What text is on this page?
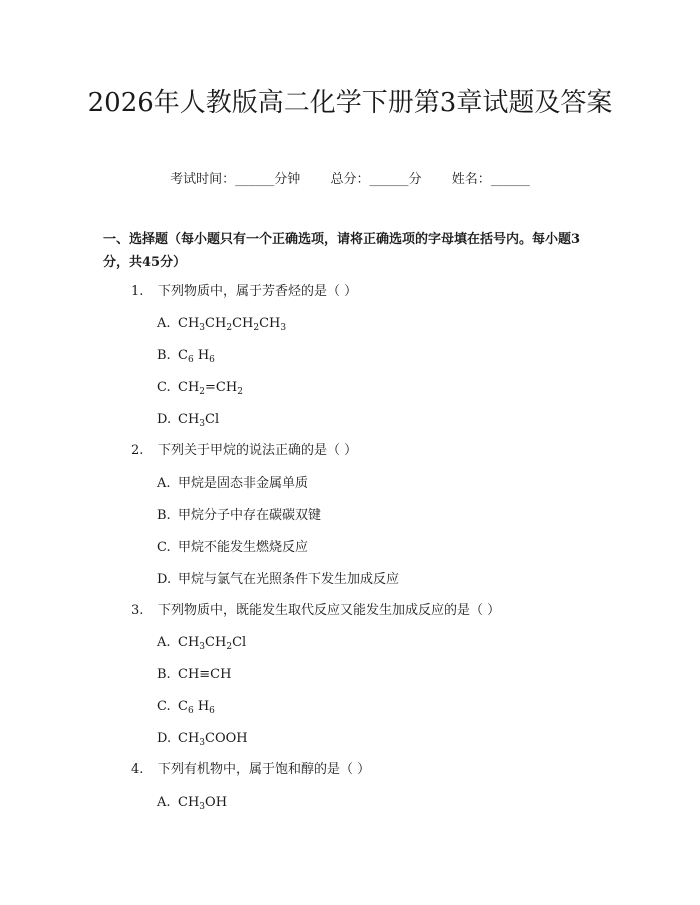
2026年人教版高二化学下册第3章试题及答案
考试时间：______分钟 总分：______分 姓名：______
一、选择题（每小题只有一个正确选项，请将正确选项的字母填在括号内。每小题3分，共45分）
1. 下列物质中，属于芳香烃的是（ ）
A. $CH_3CH_2CH_2CH_3$
B. $C_6$ $H_6$
C. $CH_2=CH_2$
D. $CH_3Cl$
2. 下列关于甲烷的说法正确的是（ ）
A. 甲烷是固态非金属单质
B. 甲烷分子中存在碳碳双键
C. 甲烷不能发生燃烧反应
D. 甲烷与氯气在光照条件下发生加成反应
3. 下列物质中，既能发生取代反应又能发生加成反应的是（ ）
A. $CH_3CH_2Cl$
B. CH≡CH
C. $C_6$ $H_6$
D. $CH_3COOH$
4. 下列有机物中，属于饱和醇的是（ ）
A. $CH_3OH$
